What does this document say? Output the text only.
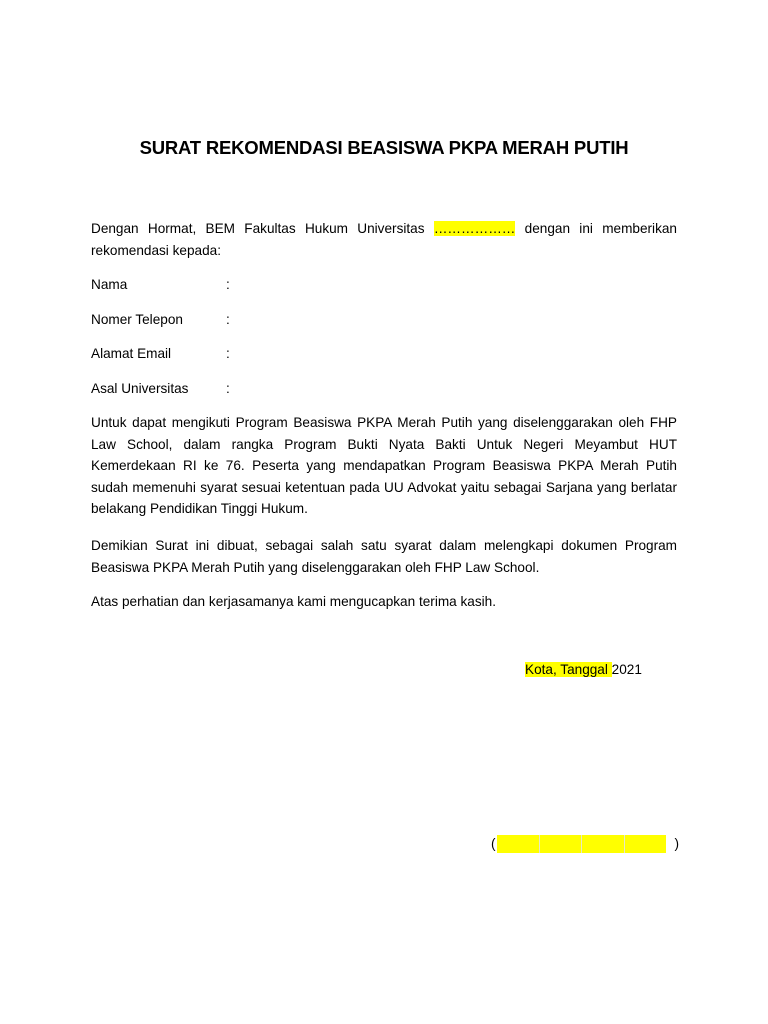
SURAT REKOMENDASI BEASISWA PKPA MERAH PUTIH

Dengan Hormat, BEM Fakultas Hukum Universitas ……………… dengan ini memberikan rekomendasi kepada:

Nama	:
Nomer Telepon	:
Alamat Email	:
Asal Universitas	:

Untuk dapat mengikuti Program Beasiswa PKPA Merah Putih yang diselenggarakan oleh FHP Law School, dalam rangka Program Bukti Nyata Bakti Untuk Negeri Meyambut HUT Kemerdekaan RI ke 76. Peserta yang mendapatkan Program Beasiswa PKPA Merah Putih sudah memenuhi syarat sesuai ketentuan pada UU Advokat yaitu sebagai Sarjana yang berlatar belakang Pendidikan Tinggi Hukum.

Demikian Surat ini dibuat, sebagai salah satu syarat dalam melengkapi dokumen Program Beasiswa PKPA Merah Putih yang diselenggarakan oleh FHP Law School.

Atas perhatian dan kerjasamanya kami mengucapkan terima kasih.

Kota, Tanggal 2021
(	)
